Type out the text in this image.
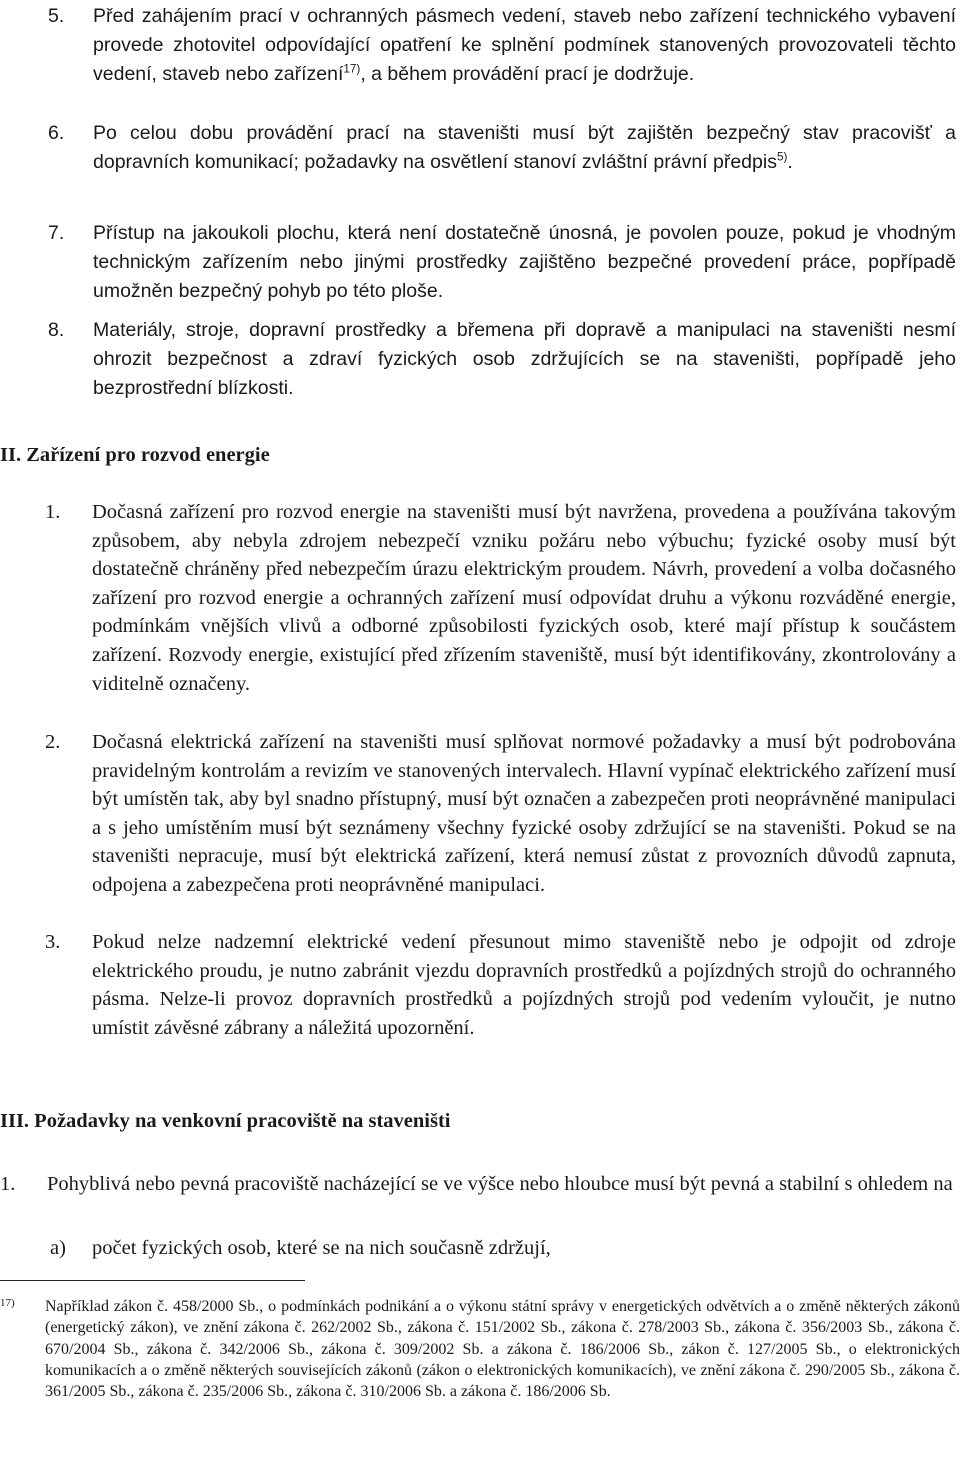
5.	Před zahájením prací v ochranných pásmech vedení, staveb nebo zařízení technického vybavení provede zhotovitel odpovídající opatření ke splnění podmínek stanovených provozovateli těchto vedení, staveb nebo zařízení$^{17)}$, a během provádění prací je dodržuje.
6.	Po celou dobu provádění prací na staveništi musí být zajištěn bezpečný stav pracovišť a dopravních komunikací; požadavky na osvětlení stanoví zvláštní právní předpis$^{5)}$.
7.	Přístup na jakoukoli plochu, která není dostatečně únosná, je povolen pouze, pokud je vhodným technickým zařízením nebo jinými prostředky zajištěno bezpečné provedení práce, popřípadě umožněn bezpečný pohyb po této ploše.
8.	Materiály, stroje, dopravní prostředky a břemena při dopravě a manipulaci na staveništi nesmí ohrozit bezpečnost a zdraví fyzických osob zdržujících se na staveništi, popřípadě jeho bezprostřední blízkosti.
II. Zařízení pro rozvod energie
1.	Dočasná zařízení pro rozvod energie na staveništi musí být navržena, provedena a používána takovým způsobem, aby nebyla zdrojem nebezpečí vzniku požáru nebo výbuchu; fyzické osoby musí být dostatečně chráněny před nebezpečím úrazu elektrickým proudem. Návrh, provedení a volba dočasného zařízení pro rozvod energie a ochranných zařízení musí odpovídat druhu a výkonu rozváděné energie, podmínkám vnějších vlivů a odborné způsobilosti fyzických osob, které mají přístup k součástem zařízení. Rozvody energie, existující před zřízením staveniště, musí být identifikovány, zkontrolovány a viditelně označeny.
2.	Dočasná elektrická zařízení na staveništi musí splňovat normové požadavky a musí být podrobována pravidelným kontrolám a revizím ve stanovených intervalech. Hlavní vypínač elektrického zařízení musí být umístěn tak, aby byl snadno přístupný, musí být označen a zabezpečen proti neoprávněné manipulaci a s jeho umístěním musí být seznámeny všechny fyzické osoby zdržující se na staveništi. Pokud se na staveništi nepracuje, musí být elektrická zařízení, která nemusí zůstat z provozních důvodů zapnuta, odpojena a zabezpečena proti neoprávněné manipulaci.
3.	Pokud nelze nadzemní elektrické vedení přesunout mimo staveniště nebo je odpojit od zdroje elektrického proudu, je nutno zabránit vjezdu dopravních prostředků a pojízdných strojů do ochranného pásma. Nelze-li provoz dopravních prostředků a pojízdných strojů pod vedením vyloučit, je nutno umístit závěsné zábrany a náležitá upozornění.
III. Požadavky na venkovní pracoviště na staveništi
1.	Pohyblivá nebo pevná pracoviště nacházející se ve výšce nebo hloubce musí být pevná a stabilní s ohledem na
a)	počet fyzických osob, které se na nich současně zdržují,
17)	Například zákon č. 458/2000 Sb., o podmínkách podnikání a o výkonu státní správy v energetických odvětvích a o změně některých zákonů (energetický zákon), ve znění zákona č. 262/2002 Sb., zákona č. 151/2002 Sb., zákona č. 278/2003 Sb., zákona č. 356/2003 Sb., zákona č. 670/2004 Sb., zákona č. 342/2006 Sb., zákona č. 309/2002 Sb. a zákona č. 186/2006 Sb., zákon č. 127/2005 Sb., o elektronických komunikacích a o změně některých souvisejících zákonů (zákon o elektronických komunikacích), ve znění zákona č. 290/2005 Sb., zákona č. 361/2005 Sb., zákona č. 235/2006 Sb., zákona č. 310/2006 Sb. a zákona č. 186/2006 Sb.
